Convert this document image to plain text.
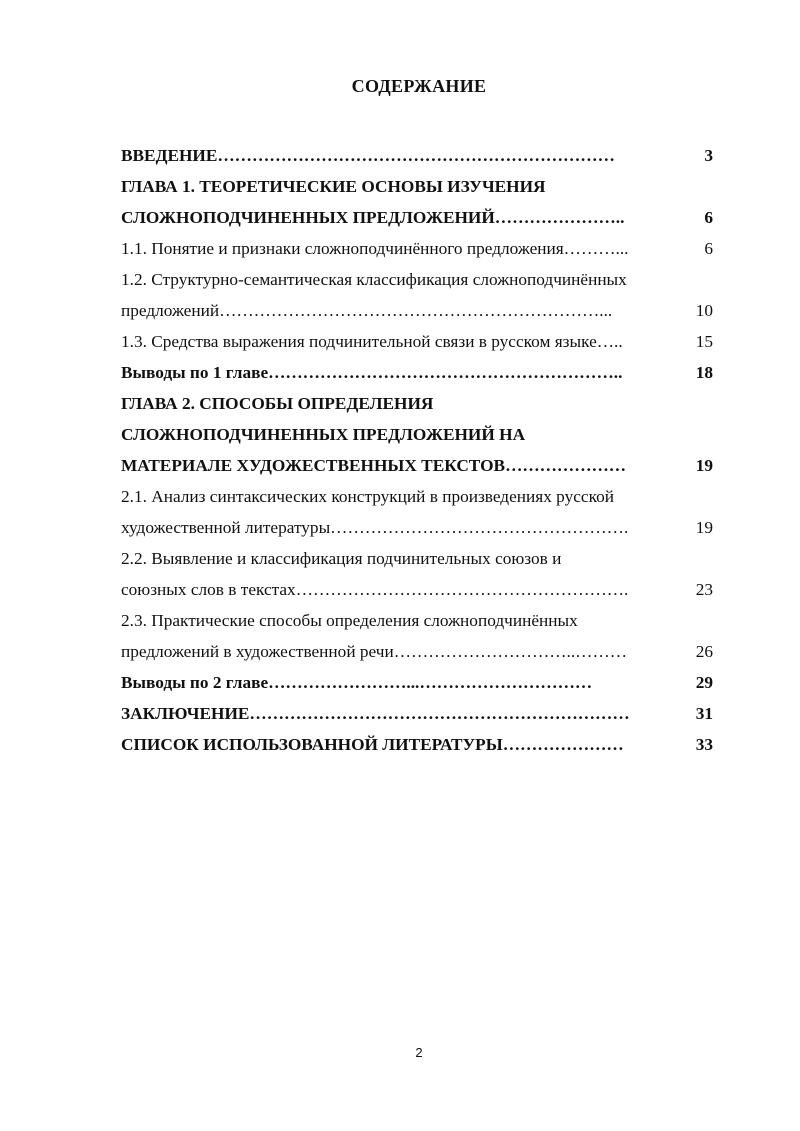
СОДЕРЖАНИЕ
ВВЕДЕНИЕ……………………………………………………………	3
ГЛАВА 1. ТЕОРЕТИЧЕСКИЕ ОСНОВЫ ИЗУЧЕНИЯ
СЛОЖНОПОДЧИНЕННЫХ ПРЕДЛОЖЕНИЙ…………………..	6
1.1. Понятие и признаки сложноподчинённого предложения………...	6
1.2. Структурно-семантическая классификация сложноподчинённых
предложений…………………………………………………………...	10
1.3. Средства выражения подчинительной связи в русском языке…..	15
Выводы по 1 главе……………………………………………………..	18
ГЛАВА 2. СПОСОБЫ ОПРЕДЕЛЕНИЯ
СЛОЖНОПОДЧИНЕННЫХ ПРЕДЛОЖЕНИЙ НА
МАТЕРИАЛЕ ХУДОЖЕСТВЕННЫХ ТЕКСТОВ…………………	19
2.1. Анализ синтаксических конструкций в произведениях русской
художественной литературы…………………………………………….	19
2.2. Выявление и классификация подчинительных союзов и
союзных слов в текстах………………………………………………….	23
2.3. Практические способы определения сложноподчинённых
предложений в художественной речи…………………………..………	26
Выводы по 2 главе……………………...…………………………	29
ЗАКЛЮЧЕНИЕ…………………………………………………………	31
СПИСОК ИСПОЛЬЗОВАННОЙ ЛИТЕРАТУРЫ…………………	33
2
